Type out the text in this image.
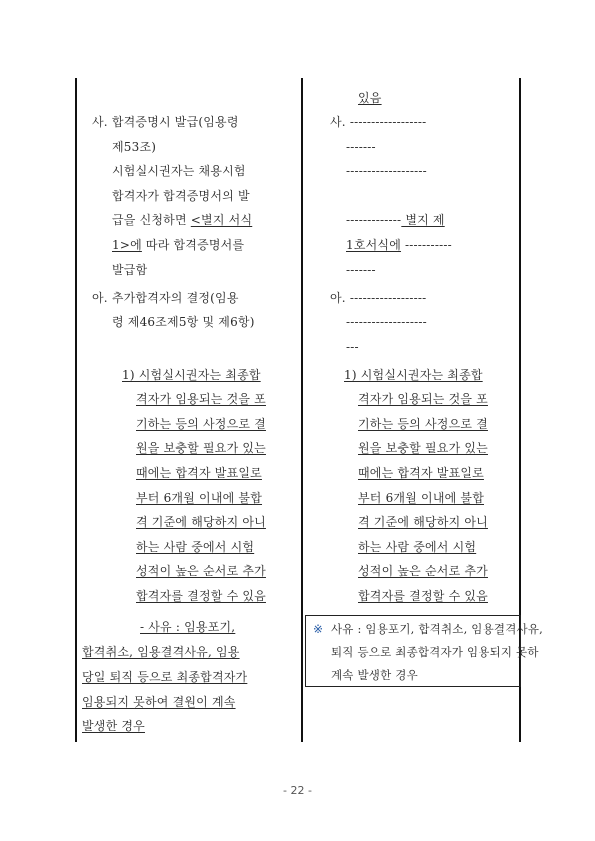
사. 합격증명시 발급(임용령
제53조)
시험실시권자는 채용시험
합격자가 합격증명서의 발
급을 신청하면 <별지 서식
1>에 따라 합격증명서를
발급함
아. 추가합격자의 결정(임용
령 제46조제5항 및 제6항)
1) 시험실시권자는 최종합
격자가 임용되는 것을 포
기하는 등의 사정으로 결
원을 보충할 필요가 있는
때에는 합격자 발표일로
부터 6개월 이내에 불합
격 기준에 해당하지 아니
하는 사람 중에서 시험
성적이 높은 순서로 추가
합격자를 결정할 수 있음
- 사유 : 임용포기,
합격취소, 임용결격사유, 임용
당일 퇴직 등으로 최종합격자가
임용되지 못하여 결원이 계속
발생한 경우
있음
사. ------------------
-------
-------------------
------------- 별지 제
1호서식에 -----------
-------
아. ------------------
-------------------
---
1) 시험실시권자는 최종합
격자가 임용되는 것을 포
기하는 등의 사정으로 결
원을 보충할 필요가 있는
때에는 합격자 발표일로
부터 6개월 이내에 불합
격 기준에 해당하지 아니
하는 사람 중에서 시험
성적이 높은 순서로 추가
합격자를 결정할 수 있음
※ 사유 : 임용포기, 합격취소, 임용결격사유,
퇴직 등으로 최종합격자가 임용되지 못하
계속 발생한 경우
- 22 -
